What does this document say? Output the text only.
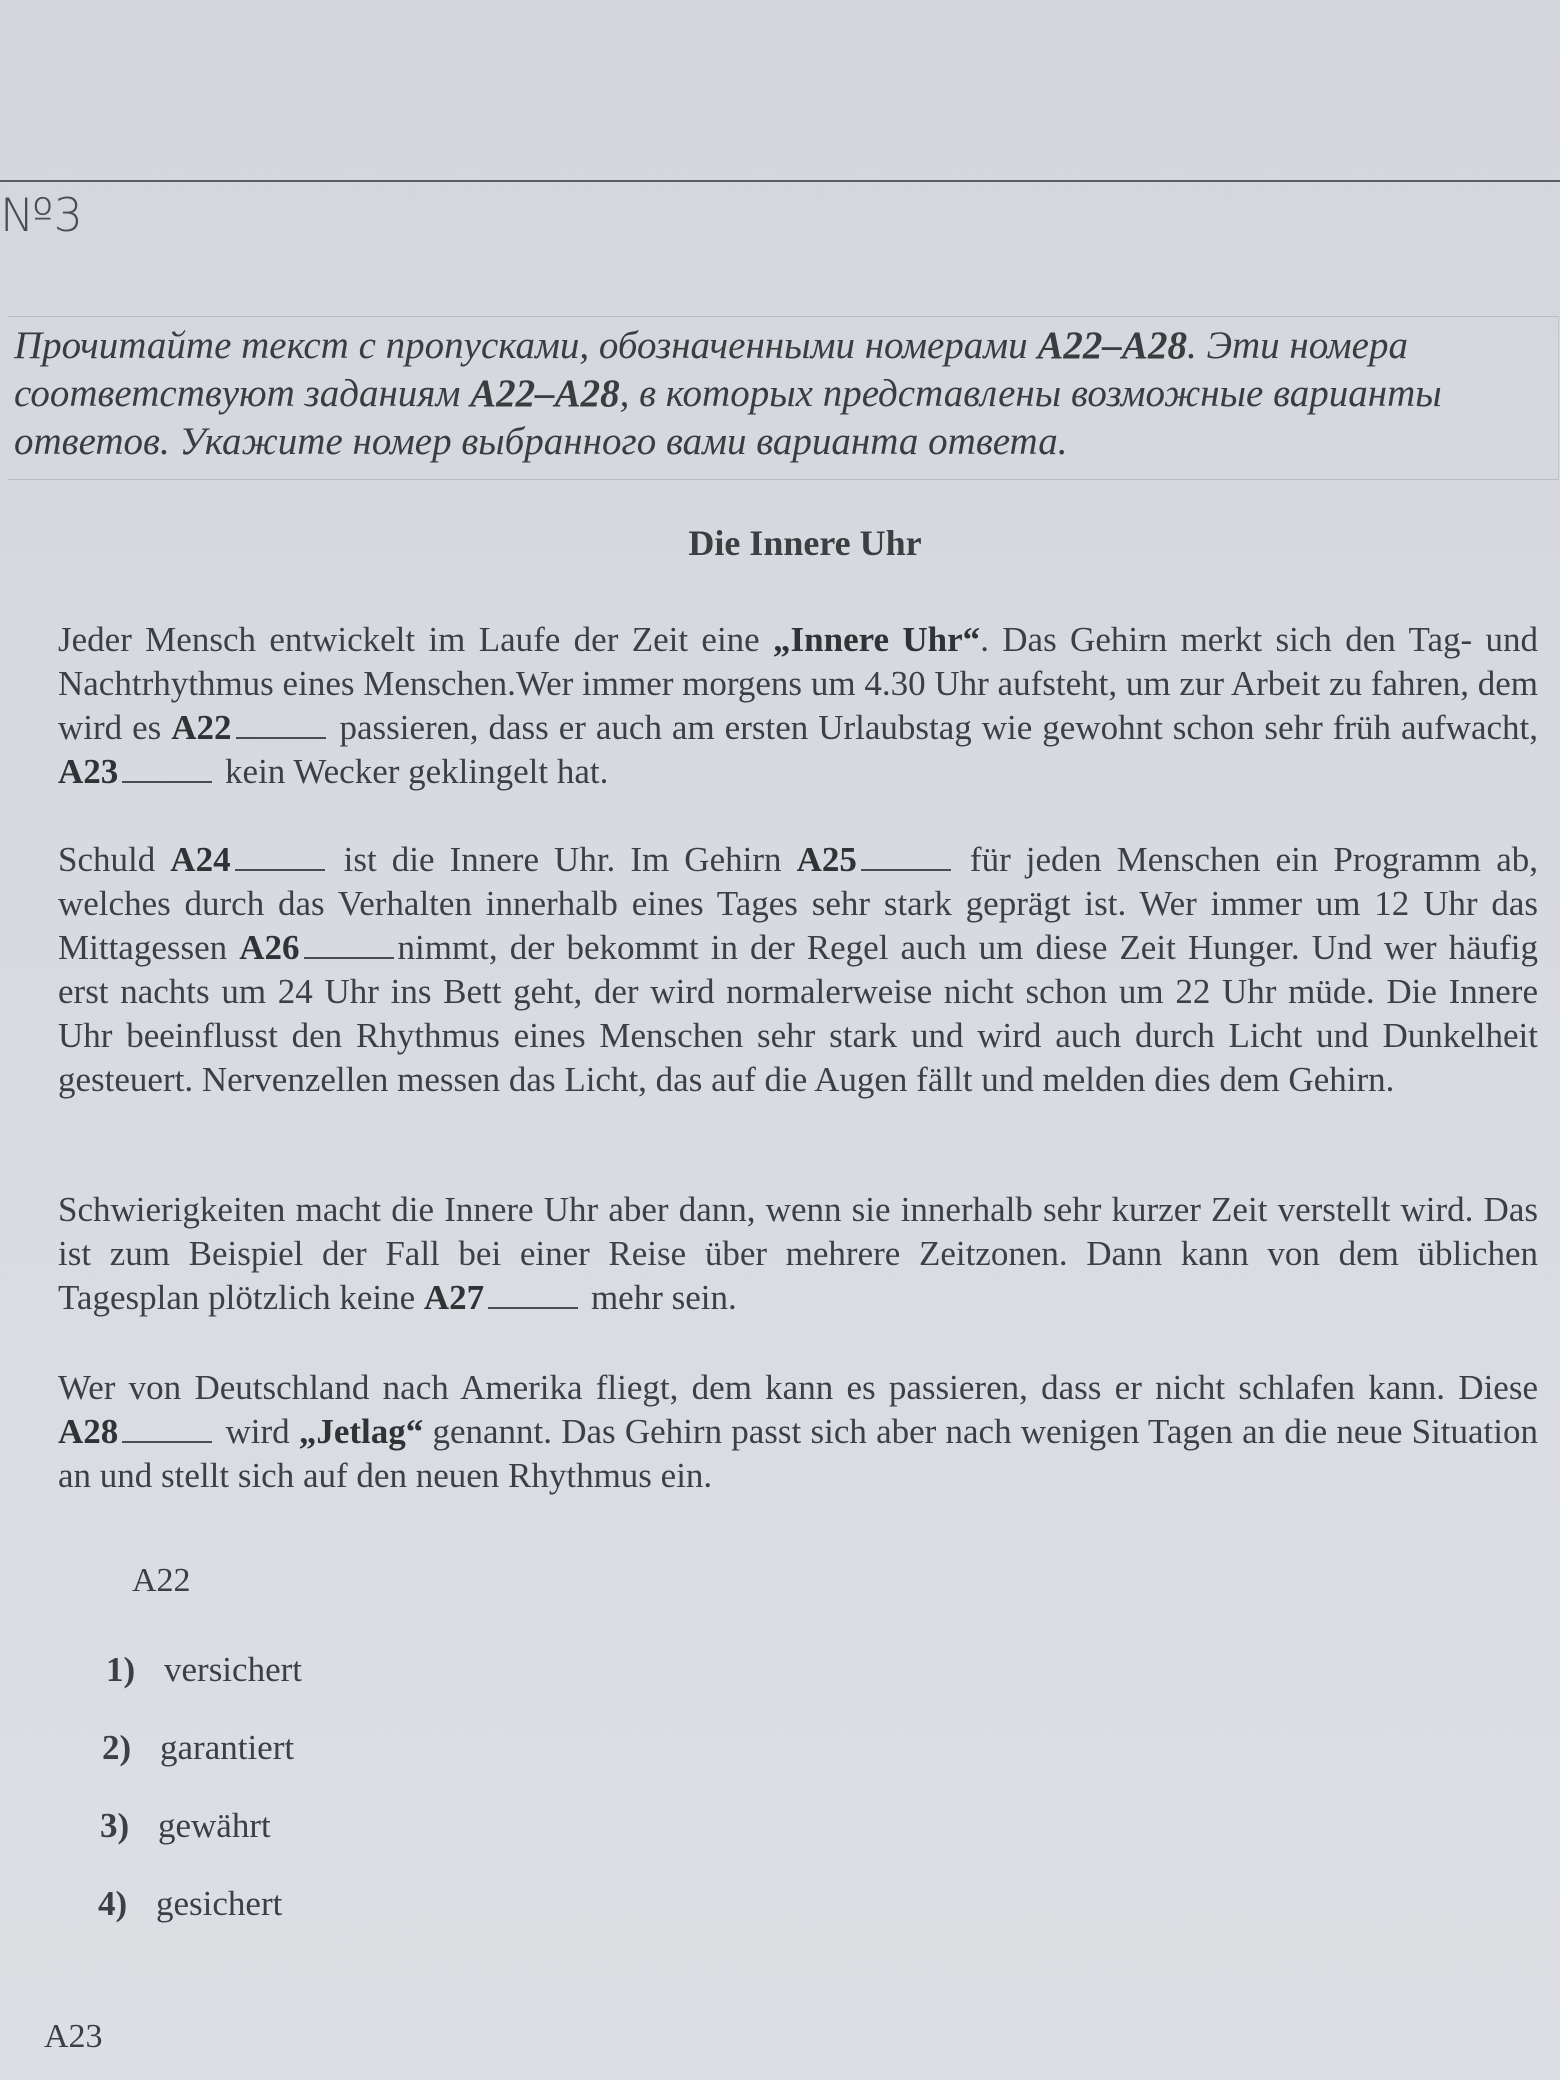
№3

Прочитайте текст с пропусками, обозначенными номерами A22–A28. Эти номера соответствуют заданиям A22–A28, в которых представлены возможные варианты ответов. Укажите номер выбранного вами варианта ответа.

Die Innere Uhr

Jeder Mensch entwickelt im Laufe der Zeit eine „Innere Uhr“. Das Gehirn merkt sich den Tag- und Nachtrhythmus eines Menschen.Wer immer morgens um 4.30 Uhr aufsteht, um zur Arbeit zu fahren, dem wird es A22	passieren, dass er auch am ersten Urlaubstag wie gewohnt schon sehr früh aufwacht, A23	kein Wecker geklingelt hat.

Schuld A24	ist die Innere Uhr. Im Gehirn A25	für jeden Menschen ein Programm ab, welches durch das Verhalten innerhalb eines Tages sehr stark geprägt ist. Wer immer um 12 Uhr das Mittagessen A26	nimmt, der bekommt in der Regel auch um diese Zeit Hunger. Und wer häufig erst nachts um 24 Uhr ins Bett geht, der wird normalerweise nicht schon um 22 Uhr müde. Die Innere Uhr beeinflusst den Rhythmus eines Menschen sehr stark und wird auch durch Licht und Dunkelheit gesteuert. Nervenzellen messen das Licht, das auf die Augen fällt und melden dies dem Gehirn.

Schwierigkeiten macht die Innere Uhr aber dann, wenn sie innerhalb sehr kurzer Zeit verstellt wird. Das ist zum Beispiel der Fall bei einer Reise über mehrere Zeitzonen. Dann kann von dem üblichen Tagesplan plötzlich keine A27	mehr sein.

Wer von Deutschland nach Amerika fliegt, dem kann es passieren, dass er nicht schlafen kann. Diese A28	wird „Jetlag“ genannt. Das Gehirn passt sich aber nach wenigen Tagen an die neue Situation an und stellt sich auf den neuen Rhythmus ein.

A22
1) versichert
2) garantiert
3) gewährt
4) gesichert
A23
